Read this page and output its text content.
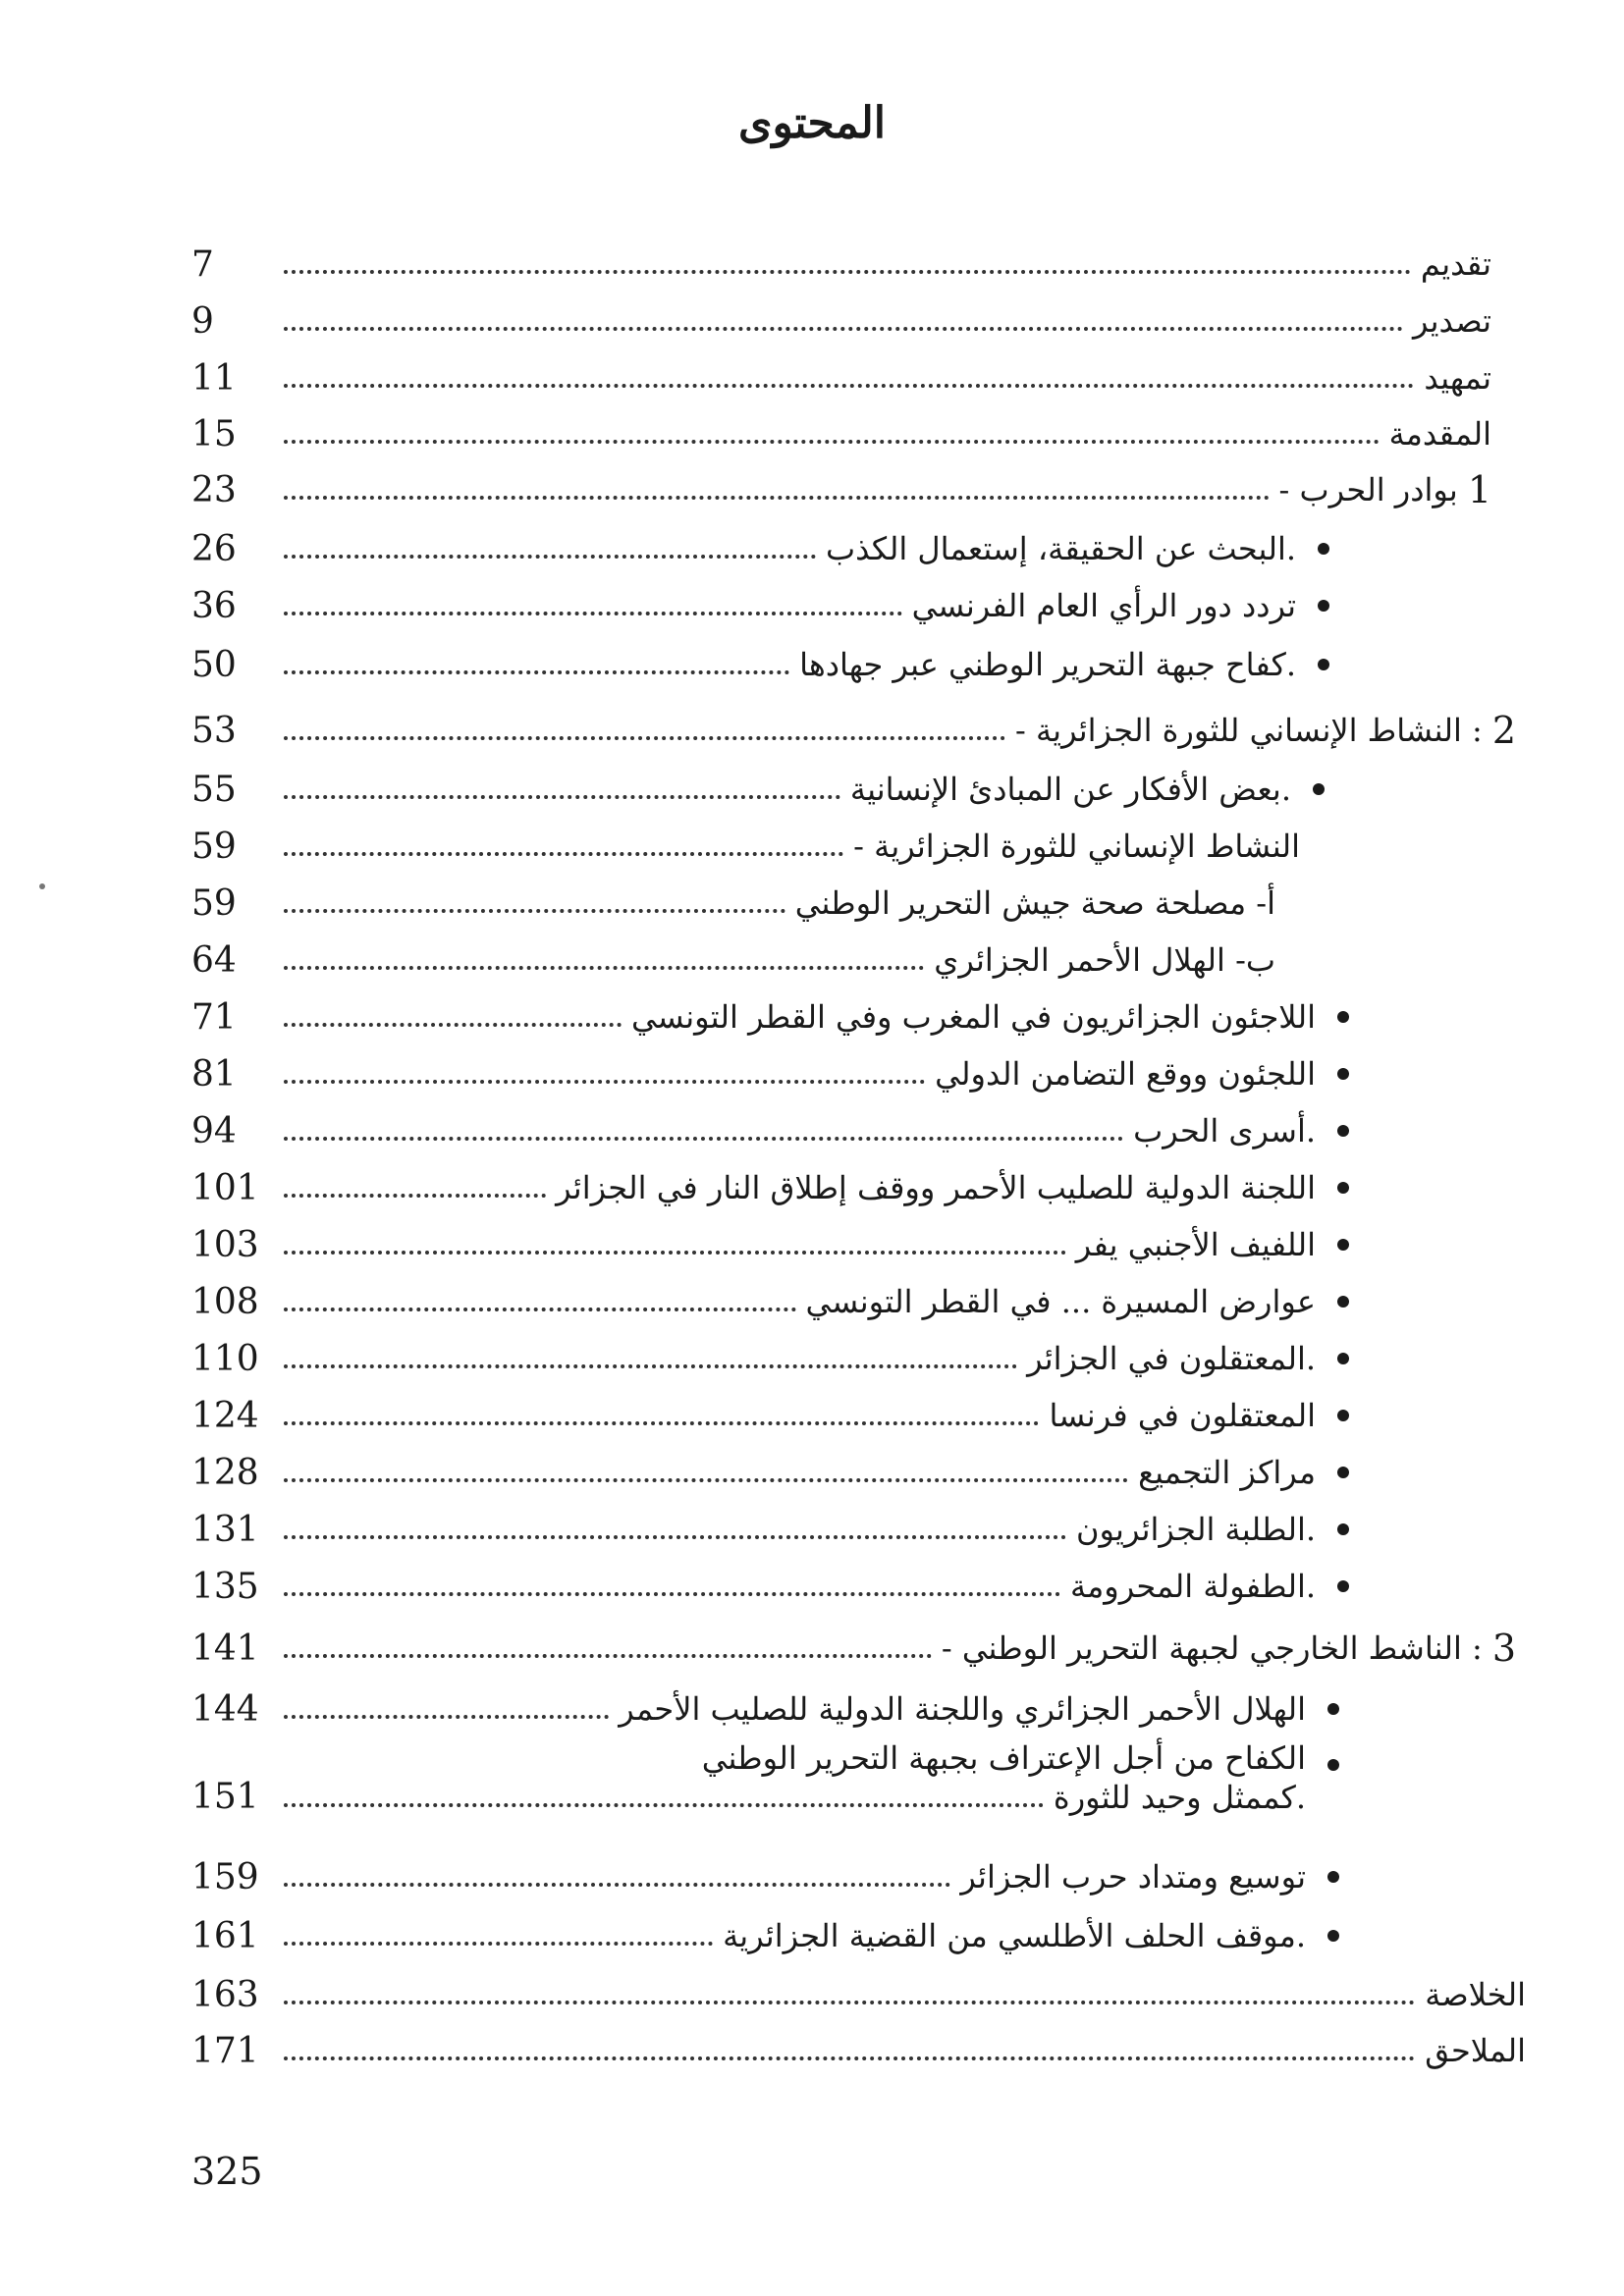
المحتوى
تقديم
7
تصدير
9
تمهيد
11
المقدمة
15
1
- بوادر الحرب
23
البحث عن الحقيقة، إستعمال الكذب.
26
تردد دور الرأي العام الفرنسي
36
كفاح جبهة التحرير الوطني عبر جهادها.
50
2
- النشاط الإنساني للثورة الجزائرية :
53
بعض الأفكار عن المبادئ الإنسانية.
55
- النشاط الإنساني للثورة الجزائرية
59
أ- مصلحة صحة جيش التحرير الوطني
59
ب- الهلال الأحمر الجزائري
64
اللاجئون الجزائريون في المغرب وفي القطر التونسي
71
اللجئون ووقع التضامن الدولي
81
أسرى الحرب.
94
اللجنة الدولية للصليب الأحمر ووقف إطلاق النار في الجزائر
101
اللفيف الأجنبي يفر
103
عوارض المسيرة ... في القطر التونسي
108
المعتقلون في الجزائر.
110
المعتقلون في فرنسا
124
مراكز التجميع
128
الطلبة الجزائريون.
131
الطفولة المحرومة.
135
3
- الناشط الخارجي لجبهة التحرير الوطني :
141
الهلال الأحمر الجزائري واللجنة الدولية للصليب الأحمر
144
الكفاح من أجل الإعتراف بجبهة التحرير الوطني
كممثل وحيد للثورة.
151
توسيع ومتداد حرب الجزائر
159
موقف الحلف الأطلسي من القضية الجزائرية.
161
الخلاصة
163
الملاحق
171
325
